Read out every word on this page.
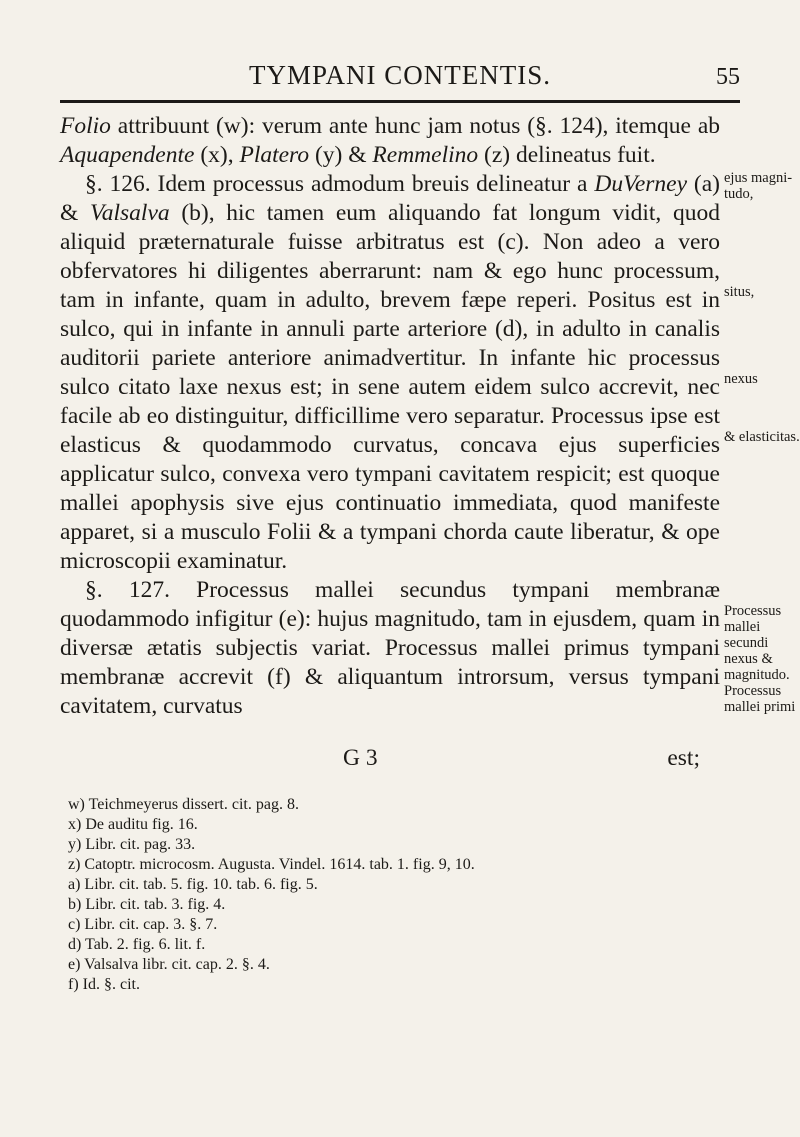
TYMPANI CONTENTIS.	55

Folio attribuunt (w): verum ante hunc jam notus (§. 124), itemque ab Aquapendente (x), Platero (y) & Remmelino (z) delineatus fuit.

§. 126. Idem processus admodum breuis delineatur a DuVerney (a) & Valsalva (b), hic tamen eum aliquando fat longum vidit, quod aliquid præternaturale fuisse arbitratus est (c). Non adeo a vero obfervatores hi diligentes aberrarunt: nam & ego hunc processum, tam in infante, quam in adulto, brevem fæpe reperi. Positus est in sulco, qui in infante in annuli parte arteriore (d), in adulto in canalis auditorii pariete anteriore animadvertitur. In infante hic processus sulco citato laxe nexus est; in sene autem eidem sulco accrevit, nec facile ab eo distinguitur, difficillime vero separatur. Processus ipse est elasticus & quodammodo curvatus, concava ejus superficies applicatur sulco, convexa vero tympani cavitatem respicit; est quoque mallei apophysis sive ejus continuatio immediata, quod manifeste apparet, si a musculo Folii & a tympani chorda caute liberatur, & ope microscopii examinatur.

§. 127. Processus mallei secundus tympani membranæ quodammodo infigitur (e): hujus magnitudo, tam in ejusdem, quam in diversæ ætatis subjectis variat. Processus mallei primus tympani membranæ accrevit (f) & aliquantum introrsum, versus tympani cavitatem, curvatus

G 3	est;
ejus magni-tudo,
situs,
nexus
& elasticitas.
Processus mallei secundi nexus & magnitudo. Processus mallei primi
w) Teichmeyerus dissert. cit. pag. 8.
x) De auditu fig. 16.
y) Libr. cit. pag. 33.
z) Catoptr. microcosm. Augusta. Vindel. 1614. tab. 1. fig. 9, 10.
a) Libr. cit. tab. 5. fig. 10. tab. 6. fig. 5.
b) Libr. cit. tab. 3. fig. 4.
c) Libr. cit. cap. 3. §. 7.
d) Tab. 2. fig. 6. lit. f.
e) Valsalva libr. cit. cap. 2. §. 4.
f) Id. §. cit.
